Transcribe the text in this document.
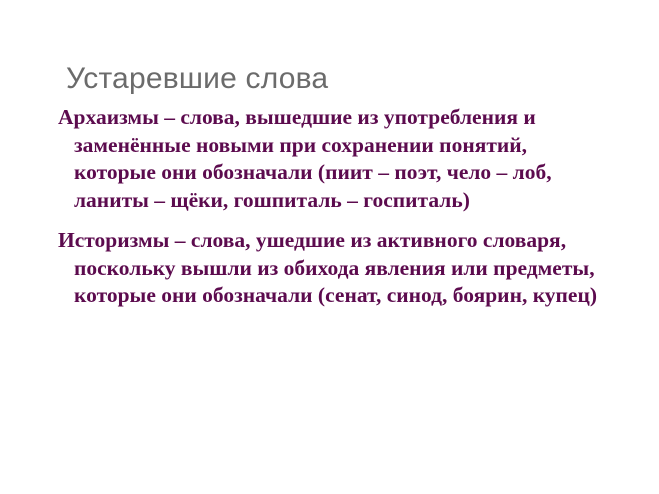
Устаревшие слова

Архаизмы – слова, вышедшие из употребления и заменённые новыми при сохранении понятий, которые они обозначали (пиит – поэт, чело – лоб, ланиты – щёки, гошпиталь – госпиталь)

Историзмы – слова, ушедшие из активного словаря, поскольку вышли из обихода явления или предметы, которые они обозначали (сенат, синод, боярин, купец)
